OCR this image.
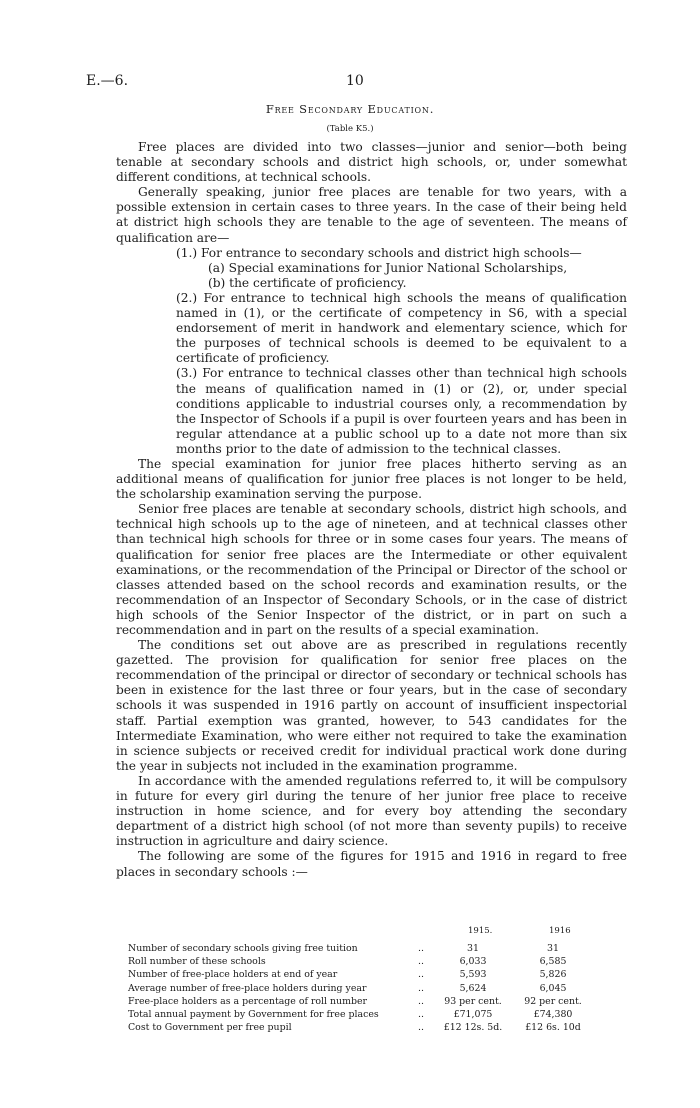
E.—6.	10
Free Secondary Education.
(Table K5.)

Free places are divided into two classes—junior and senior—both being tenable at secondary schools and district high schools, or, under somewhat different conditions, at technical schools.

Generally speaking, junior free places are tenable for two years, with a possible extension in certain cases to three years. In the case of their being held at district high schools they are tenable to the age of seventeen. The means of qualification are—

(1.) For entrance to secondary schools and district high schools—

(a) Special examinations for Junior National Scholarships,

(b) the certificate of proficiency.

(2.) For entrance to technical high schools the means of qualification named in (1), or the certificate of competency in S6, with a special endorsement of merit in handwork and elementary science, which for the purposes of technical schools is deemed to be equivalent to a certificate of proficiency.

(3.) For entrance to technical classes other than technical high schools the means of qualification named in (1) or (2), or, under special conditions applicable to industrial courses only, a recommendation by the Inspector of Schools if a pupil is over fourteen years and has been in regular attendance at a public school up to a date not more than six months prior to the date of admission to the technical classes.

The special examination for junior free places hitherto serving as an additional means of qualification for junior free places is not longer to be held, the scholarship examination serving the purpose.

Senior free places are tenable at secondary schools, district high schools, and technical high schools up to the age of nineteen, and at technical classes other than technical high schools for three or in some cases four years. The means of qualification for senior free places are the Intermediate or other equivalent examinations, or the recommendation of the Principal or Director of the school or classes attended based on the school records and examination results, or the recommendation of an Inspector of Secondary Schools, or in the case of district high schools of the Senior Inspector of the district, or in part on such a recommendation and in part on the results of a special examination.

The conditions set out above are as prescribed in regulations recently gazetted. The provision for qualification for senior free places on the recommendation of the principal or director of secondary or technical schools has been in existence for the last three or four years, but in the case of secondary schools it was suspended in 1916 partly on account of insufficient inspectorial staff. Partial exemption was granted, however, to 543 candidates for the Intermediate Examination, who were either not required to take the examination in science subjects or received credit for individual practical work done during the year in subjects not included in the examination programme.

In accordance with the amended regulations referred to, it will be compulsory in future for every girl during the tenure of her junior free place to receive instruction in home science, and for every boy attending the secondary department of a district high school (of not more than seventy pupils) to receive instruction in agriculture and dairy science.

The following are some of the figures for 1915 and 1916 in regard to free places in secondary schools :—

1915.	1916
Number of secondary schools giving free tuition	..	31	31
Roll number of these schools	..	6,033	6,585
Number of free-place holders at end of year	..	5,593	5,826
Average number of free-place holders during year	..	5,624	6,045
Free-place holders as a percentage of roll number	..	93 per cent.	92 per cent.
Total annual payment by Government for free places	..	£71,075	£74,380
Cost to Government per free pupil	..	£12 12s. 5d.	£12 6s. 10d
